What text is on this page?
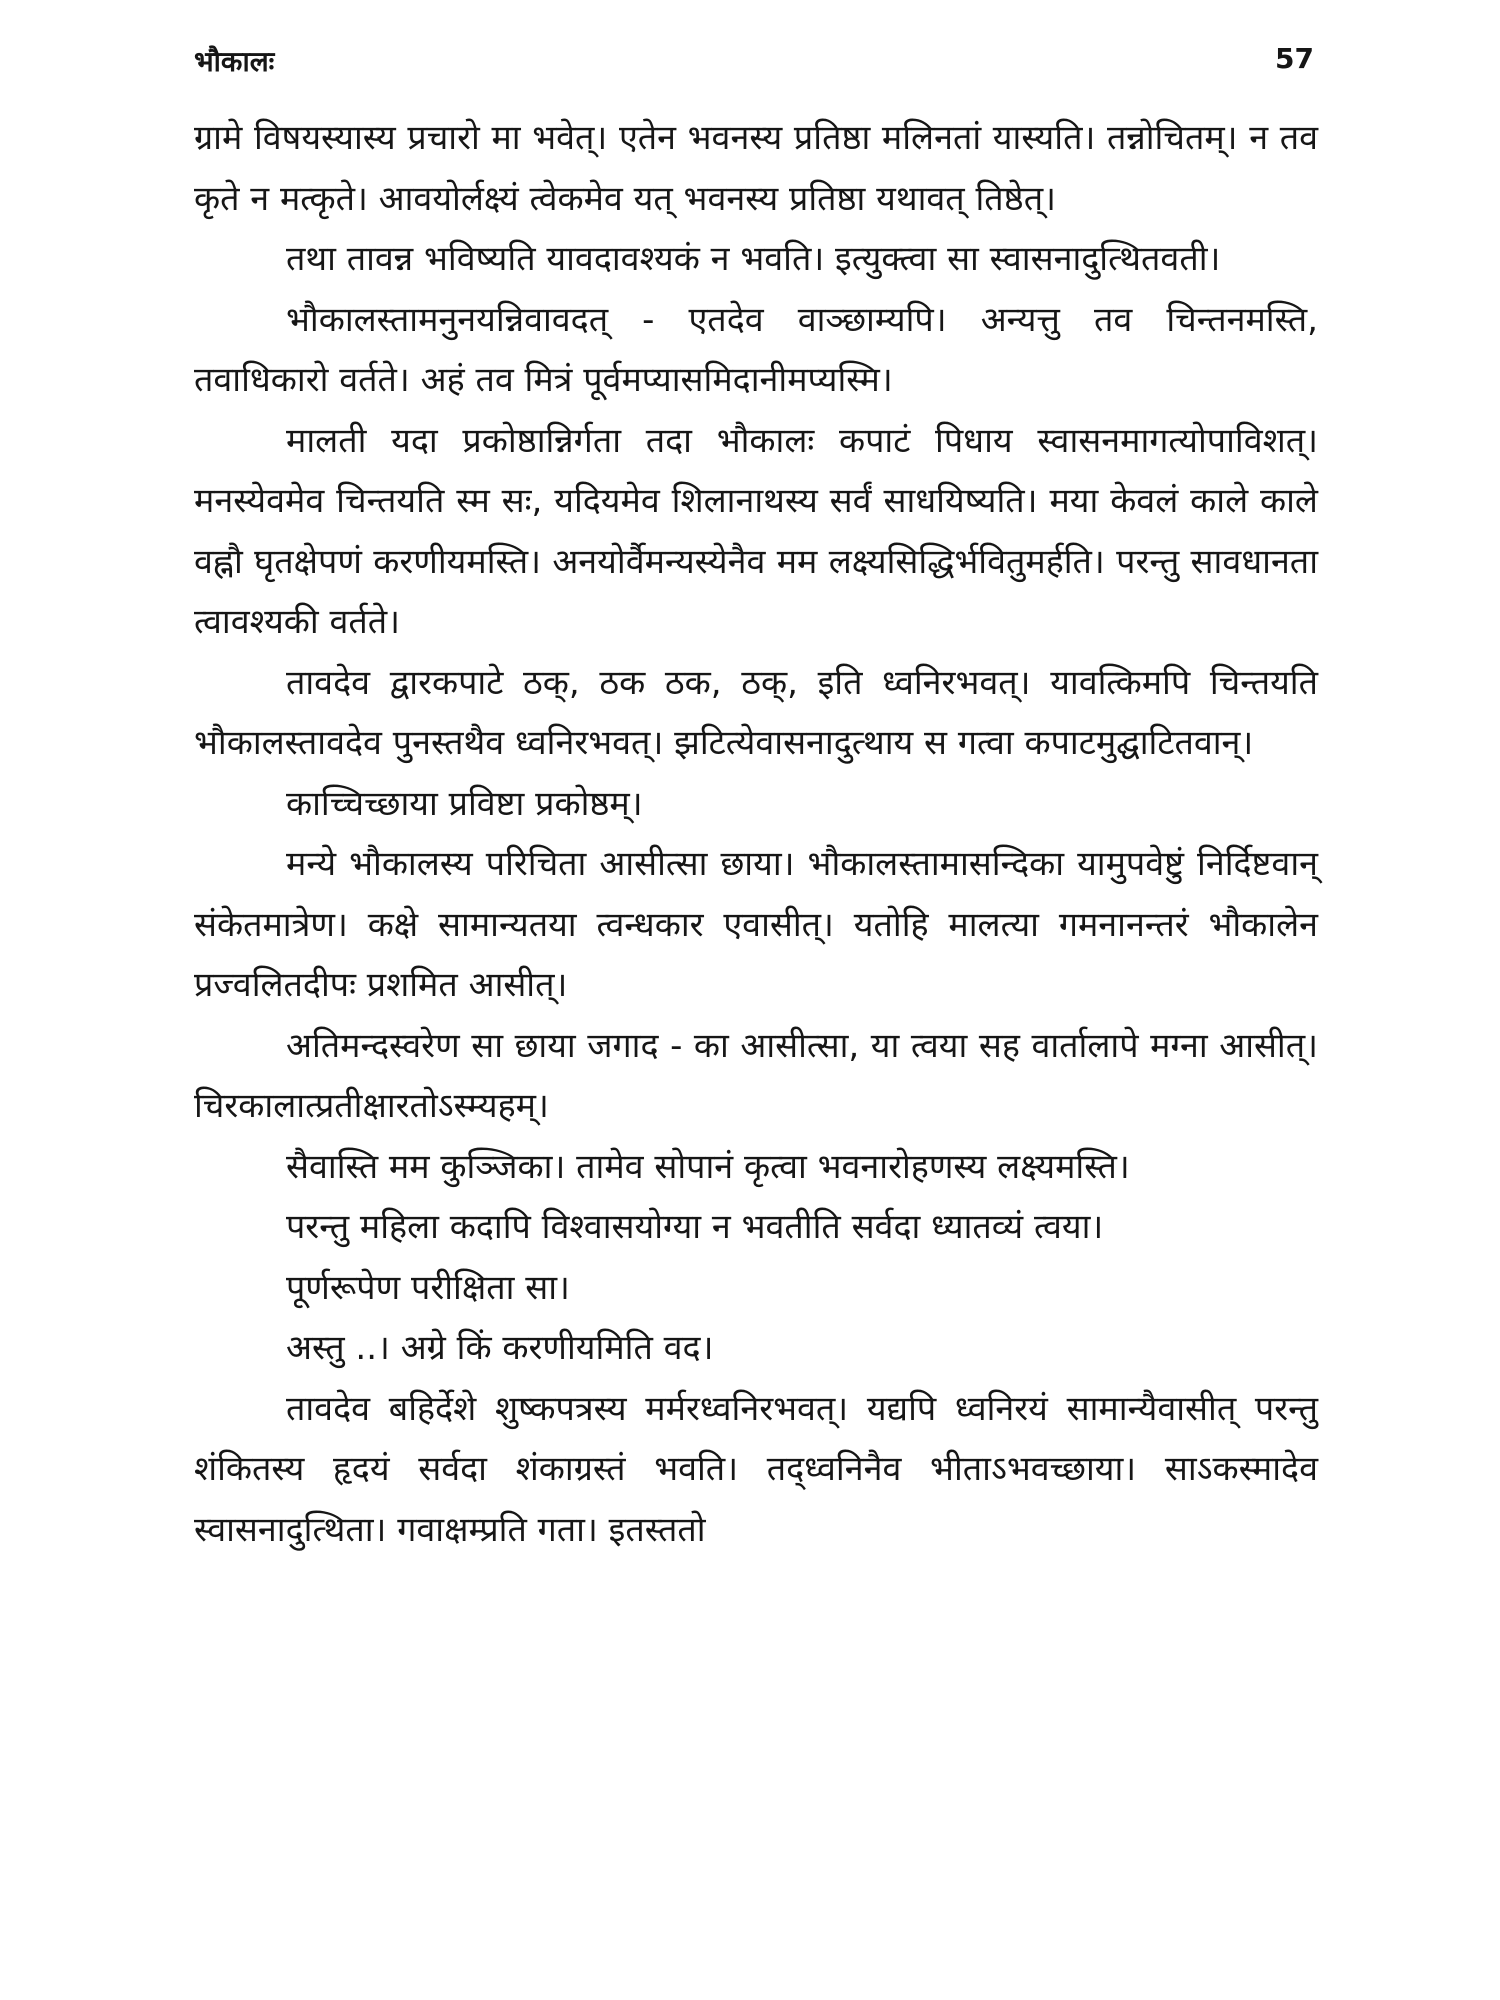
भौकालः	57

ग्रामे विषयस्यास्य प्रचारो मा भवेत्। एतेन भवनस्य प्रतिष्ठा मलिनतां यास्यति। तन्नोचितम्। न तव कृते न मत्कृते। आवयोर्लक्ष्यं त्वेकमेव यत् भवनस्य प्रतिष्ठा यथावत् तिष्ठेत्।

तथा तावन्न भविष्यति यावदावश्यकं न भवति। इत्युक्त्वा सा स्वासनादुत्थितवती।

भौकालस्तामनुनयन्निवावदत् - एतदेव वाञ्छाम्यपि। अन्यत्तु तव चिन्तनमस्ति, तवाधिकारो वर्तते। अहं तव मित्रं पूर्वमप्यासमिदानीमप्यस्मि।

मालती यदा प्रकोष्ठान्निर्गता तदा भौकालः कपाटं पिधाय स्वासनमागत्योपाविशत्। मनस्येवमेव चिन्तयति स्म सः, यदियमेव शिलानाथस्य सर्वं साधयिष्यति। मया केवलं काले काले वह्नौ घृतक्षेपणं करणीयमस्ति। अनयोर्वैमन्यस्येनैव मम लक्ष्यसिद्धिर्भवितुमर्हति। परन्तु सावधानता त्वावश्यकी वर्तते।

तावदेव द्वारकपाटे ठक्, ठक ठक, ठक्, इति ध्वनिरभवत्। यावत्किमपि चिन्तयति भौकालस्तावदेव पुनस्तथैव ध्वनिरभवत्। झटित्येवासनादुत्थाय स गत्वा कपाटमुद्घाटितवान्।

काच्चिच्छाया प्रविष्टा प्रकोष्ठम्।

मन्ये भौकालस्य परिचिता आसीत्सा छाया। भौकालस्तामासन्दिका यामुपवेष्टुं निर्दिष्टवान् संकेतमात्रेण। कक्षे सामान्यतया त्वन्धकार एवासीत्। यतोहि मालत्या गमनानन्तरं भौकालेन प्रज्वलितदीपः प्रशमित आसीत्।

अतिमन्दस्वरेण सा छाया जगाद - का आसीत्सा, या त्वया सह वार्तालापे मग्ना आसीत्। चिरकालात्प्रतीक्षारतोऽस्म्यहम्।

सैवास्ति मम कुञ्जिका। तामेव सोपानं कृत्वा भवनारोहणस्य लक्ष्यमस्ति।

परन्तु महिला कदापि विश्वासयोग्या न भवतीति सर्वदा ध्यातव्यं त्वया।

पूर्णरूपेण परीक्षिता सा।

अस्तु ..। अग्रे किं करणीयमिति वद।

तावदेव बहिर्देशे शुष्कपत्रस्य मर्मरध्वनिरभवत्। यद्यपि ध्वनिरयं सामान्यैवासीत् परन्तु शंकितस्य हृदयं सर्वदा शंकाग्रस्तं भवति। तद्ध्वनिनैव भीताऽभवच्छाया। साऽकस्मादेव स्वासनादुत्थिता। गवाक्षम्प्रति गता। इतस्ततो
